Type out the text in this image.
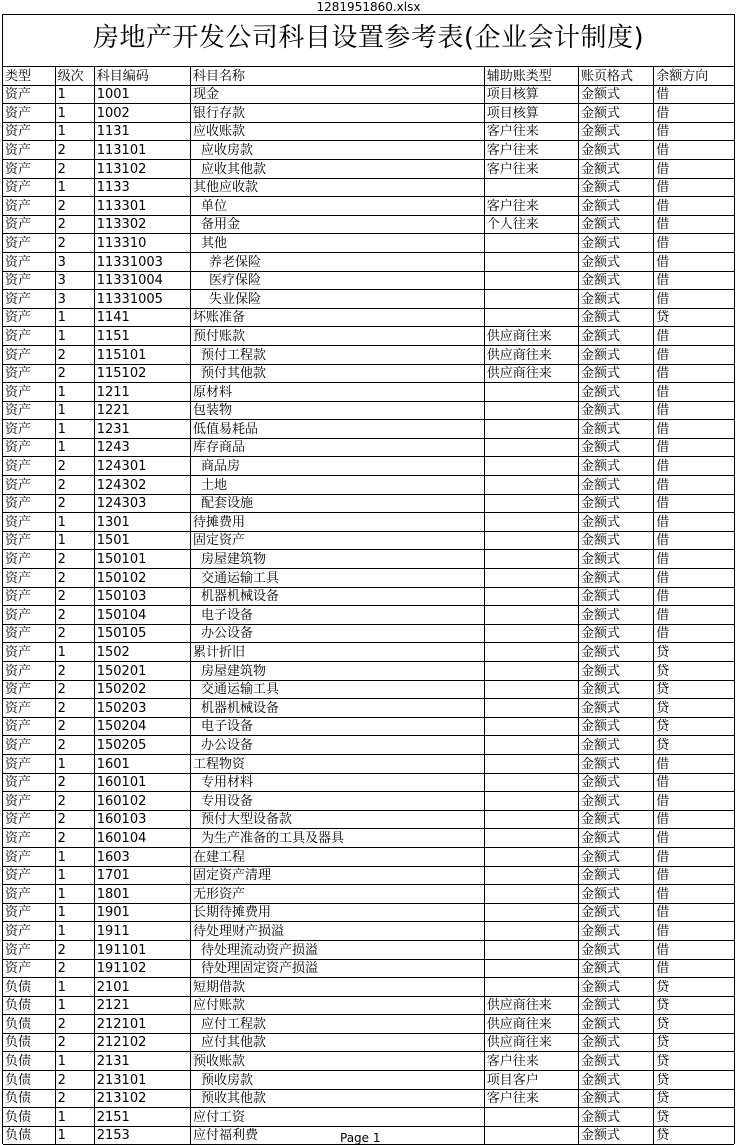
1281951860.xlsx
房地产开发公司科目设置参考表(企业会计制度)
类型	级次	科目编码	科目名称	辅助账类型	账页格式	余额方向
资产	1	1001	现金	项目核算	金额式	借
资产	1	1002	银行存款	项目核算	金额式	借
资产	1	1131	应收账款	客户往来	金额式	借
资产	2	113101	应收房款	客户往来	金额式	借
资产	2	113102	应收其他款	客户往来	金额式	借
资产	1	1133	其他应收款		金额式	借
资产	2	113301	单位	客户往来	金额式	借
资产	2	113302	备用金	个人往来	金额式	借
资产	2	113310	其他		金额式	借
资产	3	11331003	养老保险		金额式	借
资产	3	11331004	医疗保险		金额式	借
资产	3	11331005	失业保险		金额式	借
资产	1	1141	坏账准备		金额式	贷
资产	1	1151	预付账款	供应商往来	金额式	借
资产	2	115101	预付工程款	供应商往来	金额式	借
资产	2	115102	预付其他款	供应商往来	金额式	借
资产	1	1211	原材料		金额式	借
资产	1	1221	包装物		金额式	借
资产	1	1231	低值易耗品		金额式	借
资产	1	1243	库存商品		金额式	借
资产	2	124301	商品房		金额式	借
资产	2	124302	土地		金额式	借
资产	2	124303	配套设施		金额式	借
资产	1	1301	待摊费用		金额式	借
资产	1	1501	固定资产		金额式	借
资产	2	150101	房屋建筑物		金额式	借
资产	2	150102	交通运输工具		金额式	借
资产	2	150103	机器机械设备		金额式	借
资产	2	150104	电子设备		金额式	借
资产	2	150105	办公设备		金额式	借
资产	1	1502	累计折旧		金额式	贷
资产	2	150201	房屋建筑物		金额式	贷
资产	2	150202	交通运输工具		金额式	贷
资产	2	150203	机器机械设备		金额式	贷
资产	2	150204	电子设备		金额式	贷
资产	2	150205	办公设备		金额式	贷
资产	1	1601	工程物资		金额式	借
资产	2	160101	专用材料		金额式	借
资产	2	160102	专用设备		金额式	借
资产	2	160103	预付大型设备款		金额式	借
资产	2	160104	为生产准备的工具及器具		金额式	借
资产	1	1603	在建工程		金额式	借
资产	1	1701	固定资产清理		金额式	借
资产	1	1801	无形资产		金额式	借
资产	1	1901	长期待摊费用		金额式	借
资产	1	1911	待处理财产损溢		金额式	借
资产	2	191101	待处理流动资产损溢		金额式	借
资产	2	191102	待处理固定资产损溢		金额式	借
负债	1	2101	短期借款		金额式	贷
负债	1	2121	应付账款	供应商往来	金额式	贷
负债	2	212101	应付工程款	供应商往来	金额式	贷
负债	2	212102	应付其他款	供应商往来	金额式	贷
负债	1	2131	预收账款	客户往来	金额式	贷
负债	2	213101	预收房款	项目客户	金额式	贷
负债	2	213102	预收其他款	客户往来	金额式	贷
负债	1	2151	应付工资		金额式	贷
负债	1	2153	应付福利费		金额式	贷
Page 1
